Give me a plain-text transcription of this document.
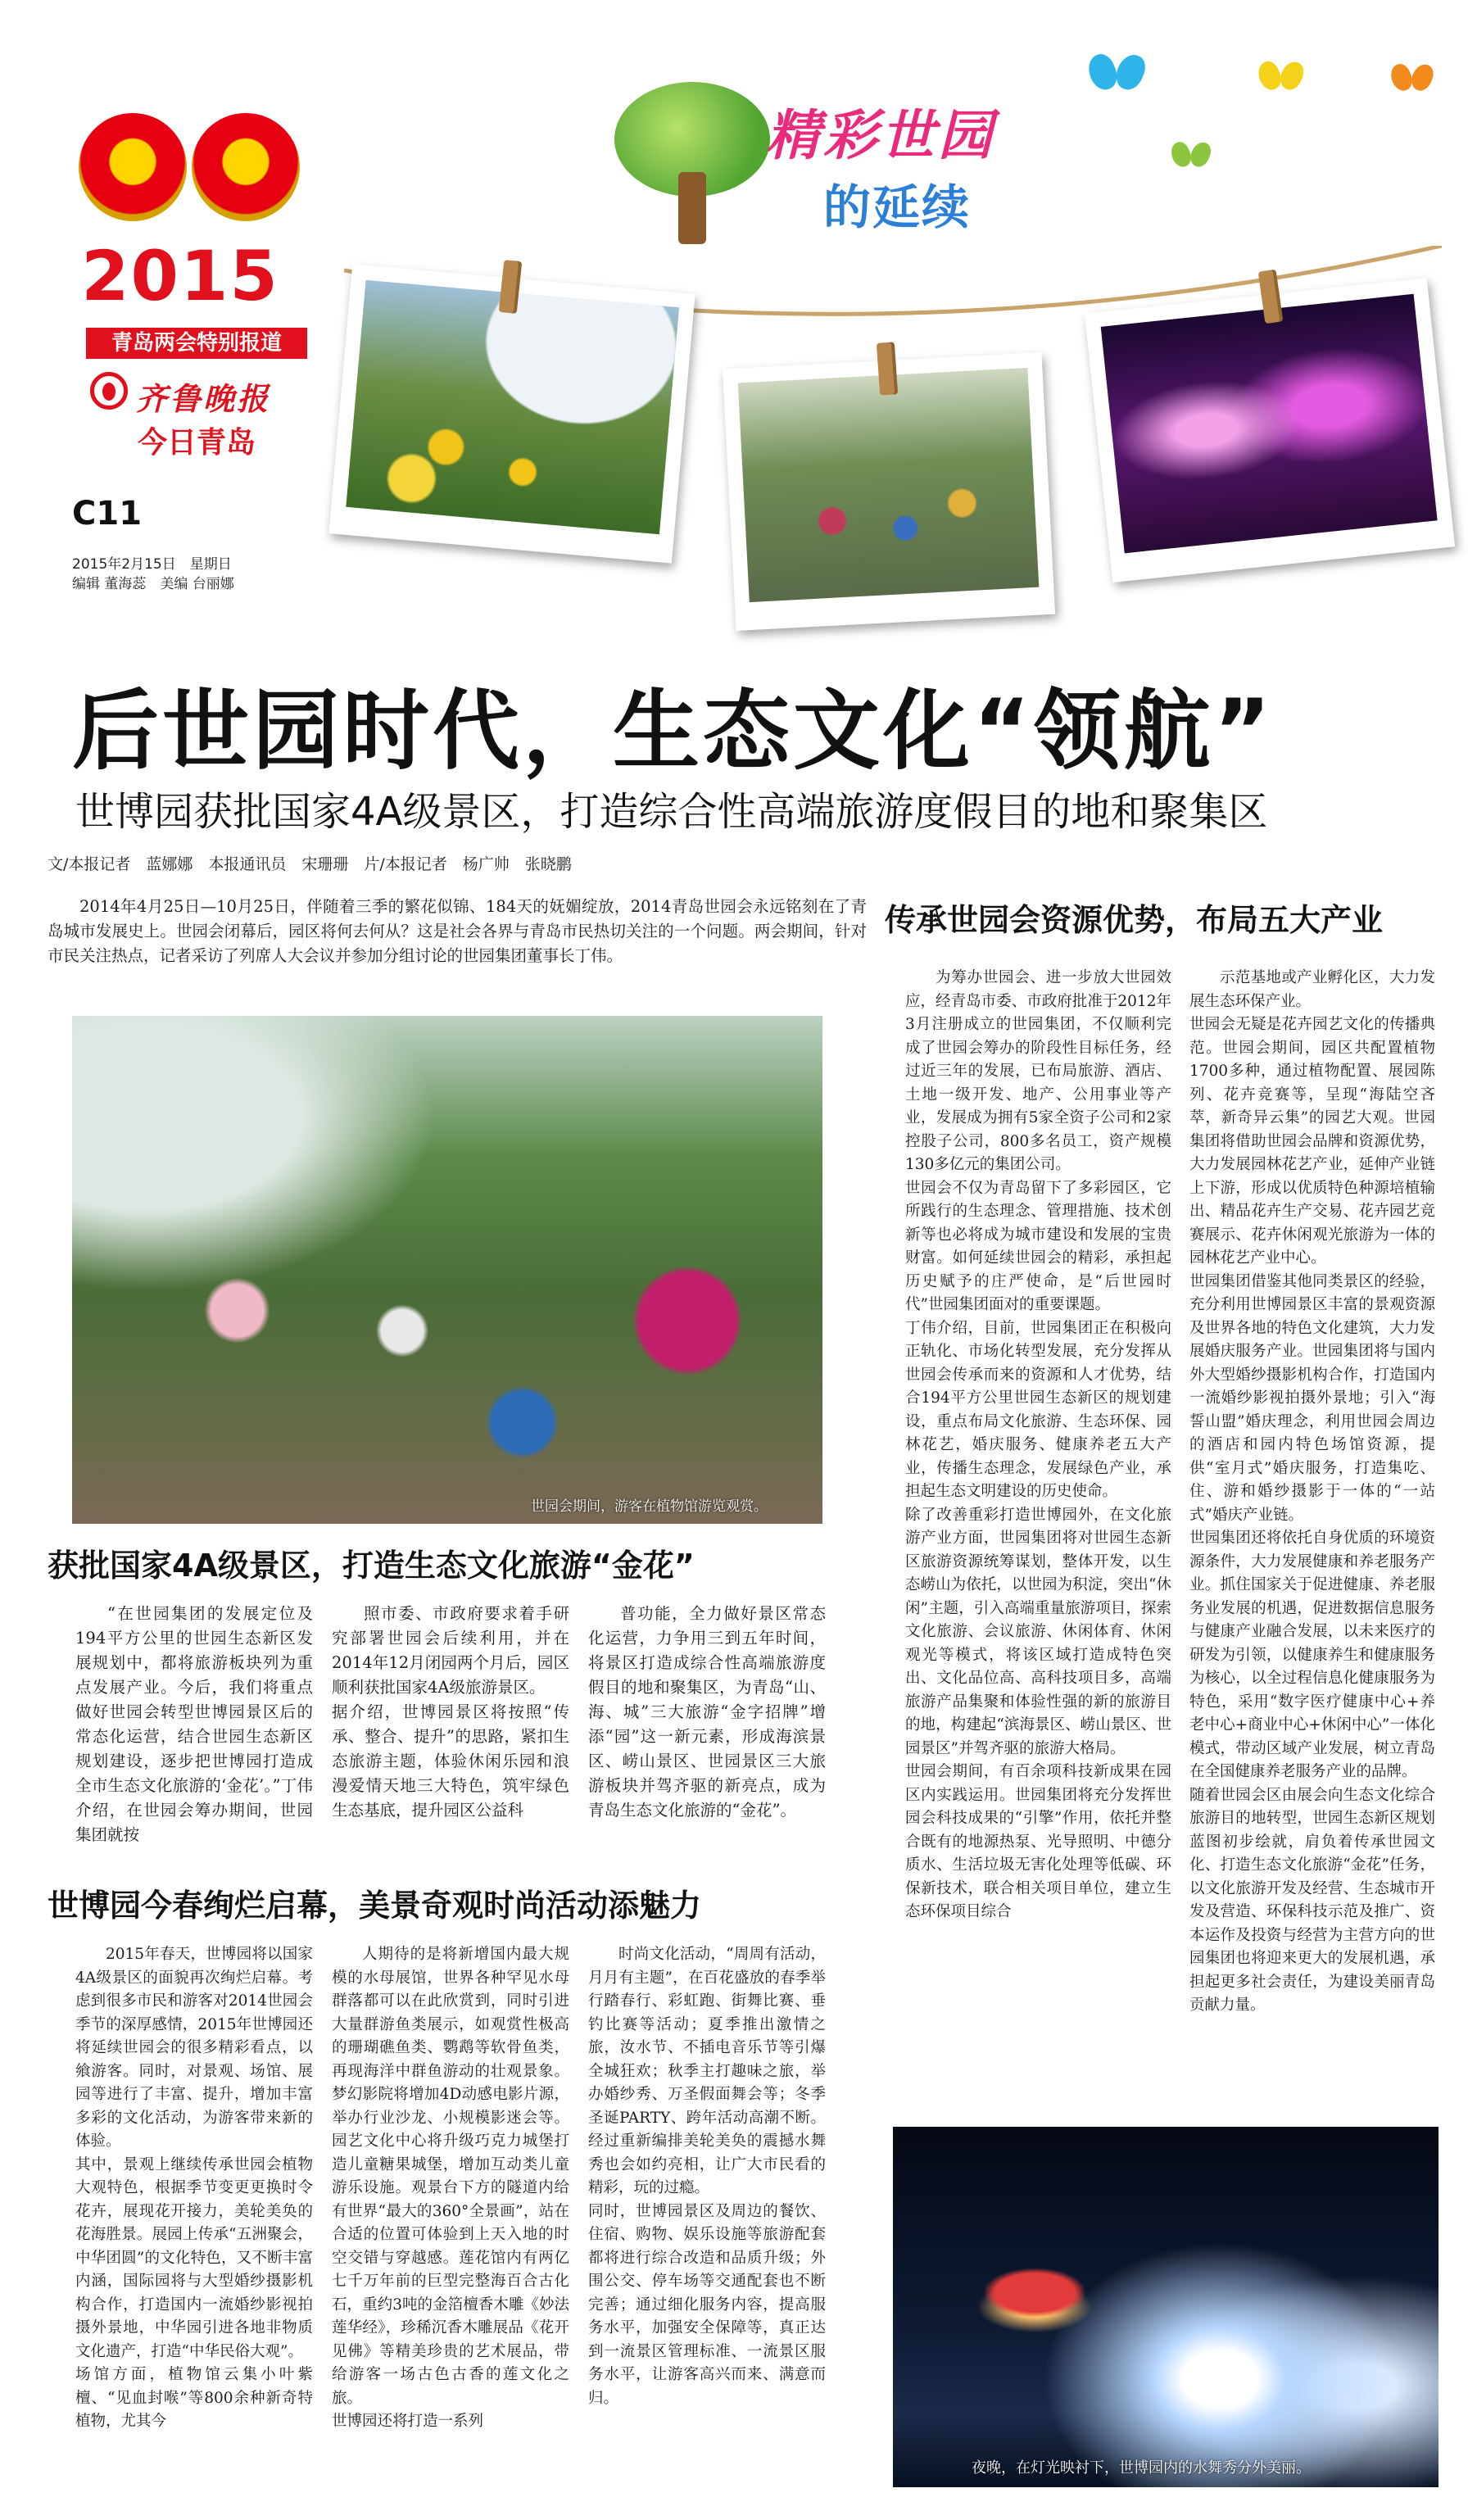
★	★
2015
青岛两会特别报道
齐鲁晚报
今日青岛
C11
2015年2月15日　星期日
编辑 董海蕊　美编 台丽娜
精彩世园
的延续
后世园时代，生态文化“领航”
世博园获批国家4A级景区，打造综合性高端旅游度假目的地和聚集区
文/本报记者　蓝娜娜　本报通讯员　宋珊珊　片/本报记者　杨广帅　张晓鹏

2014年4月25日—10月25日，伴随着三季的繁花似锦、184天的妩媚绽放，2014青岛世园会永远铭刻在了青岛城市发展史上。世园会闭幕后，园区将何去何从？这是社会各界与青岛市民热切关注的一个问题。两会期间，针对市民关注热点，记者采访了列席人大会议并参加分组讨论的世园集团董事长丁伟。

世园会期间，游客在植物馆游览观赏。
获批国家4A级景区，打造生态文化旅游“金花”

“在世园集团的发展定位及194平方公里的世园生态新区发展规划中，都将旅游板块列为重点发展产业。今后，我们将重点做好世园会转型世博园景区后的常态化运营，结合世园生态新区规划建设，逐步把世博园打造成全市生态文化旅游的‘金花’。”丁伟介绍，在世园会筹办期间，世园集团就按

照市委、市政府要求着手研究部署世园会后续利用，并在2014年12月闭园两个月后，园区顺利获批国家4A级旅游景区。
据介绍，世博园景区将按照“传承、整合、提升”的思路，紧扣生态旅游主题，体验休闲乐园和浪漫爱情天地三大特色，筑牢绿色生态基底，提升园区公益科

普功能，全力做好景区常态化运营，力争用三到五年时间，将景区打造成综合性高端旅游度假目的地和聚集区，为青岛“山、海、城”三大旅游“金字招牌”增添“园”这一新元素，形成海滨景区、崂山景区、世园景区三大旅游板块并驾齐驱的新亮点，成为青岛生态文化旅游的“金花”。

世博园今春绚烂启幕，美景奇观时尚活动添魅力

2015年春天，世博园将以国家4A级景区的面貌再次绚烂启幕。考虑到很多市民和游客对2014世园会季节的深厚感情，2015年世博园还将延续世园会的很多精彩看点，以飨游客。同时，对景观、场馆、展园等进行了丰富、提升，增加丰富多彩的文化活动，为游客带来新的体验。
其中，景观上继续传承世园会植物大观特色，根据季节变更更换时令花卉，展现花开接力，美轮美奂的花海胜景。展园上传承“五洲聚会，中华团圆”的文化特色，又不断丰富内涵，国际园将与大型婚纱摄影机构合作，打造国内一流婚纱影视拍摄外景地，中华园引进各地非物质文化遗产，打造“中华民俗大观”。
场馆方面，植物馆云集小叶紫檀、“见血封喉”等800余种新奇特植物，尤其今

人期待的是将新增国内最大规模的水母展馆，世界各种罕见水母群落都可以在此欣赏到，同时引进大量群游鱼类展示，如观赏性极高的珊瑚礁鱼类、鹦鹉等软骨鱼类，再现海洋中群鱼游动的壮观景象。梦幻影院将增加4D动感电影片源，举办行业沙龙、小规模影迷会等。园艺文化中心将升级巧克力城堡打造儿童糖果城堡，增加互动类儿童游乐设施。观景台下方的隧道内给有世界“最大的360°全景画”，站在合适的位置可体验到上天入地的时空交错与穿越感。莲花馆内有两亿七千万年前的巨型完整海百合古化石，重约3吨的金箔檀香木雕《妙法莲华经》，珍稀沉香木雕展品《花开见佛》等精美珍贵的艺术展品，带给游客一场古色古香的莲文化之旅。
世博园还将打造一系列

时尚文化活动，“周周有活动，月月有主题”，在百花盛放的春季举行踏春行、彩虹跑、街舞比赛、垂钓比赛等活动；夏季推出激情之旅，汝水节、不插电音乐节等引爆全城狂欢；秋季主打趣味之旅，举办婚纱秀、万圣假面舞会等；冬季圣诞PARTY、跨年活动高潮不断。经过重新编排美轮美奂的震撼水舞秀也会如约亮相，让广大市民看的精彩，玩的过瘾。
同时，世博园景区及周边的餐饮、住宿、购物、娱乐设施等旅游配套都将进行综合改造和品质升级；外围公交、停车场等交通配套也不断完善；通过细化服务内容，提高服务水平，加强安全保障等，真正达到一流景区管理标准、一流景区服务水平，让游客高兴而来、满意而归。

传承世园会资源优势，布局五大产业

为筹办世园会、进一步放大世园效应，经青岛市委、市政府批准于2012年3月注册成立的世园集团，不仅顺利完成了世园会筹办的阶段性目标任务，经过近三年的发展，已布局旅游、酒店、土地一级开发、地产、公用事业等产业，发展成为拥有5家全资子公司和2家控股子公司，800多名员工，资产规模130多亿元的集团公司。
世园会不仅为青岛留下了多彩园区，它所践行的生态理念、管理措施、技术创新等也必将成为城市建设和发展的宝贵财富。如何延续世园会的精彩，承担起历史赋予的庄严使命，是“后世园时代”世园集团面对的重要课题。
丁伟介绍，目前，世园集团正在积极向正轨化、市场化转型发展，充分发挥从世园会传承而来的资源和人才优势，结合194平方公里世园生态新区的规划建设，重点布局文化旅游、生态环保、园林花艺，婚庆服务、健康养老五大产业，传播生态理念，发展绿色产业，承担起生态文明建设的历史使命。
除了改善重彩打造世博园外，在文化旅游产业方面，世园集团将对世园生态新区旅游资源统筹谋划，整体开发，以生态崂山为依托，以世园为积淀，突出“休闲”主题，引入高端重量旅游项目，探索文化旅游、会议旅游、休闲体育、休闲观光等模式，将该区域打造成特色突出、文化品位高、高科技项目多，高端旅游产品集聚和体验性强的新的旅游目的地，构建起“滨海景区、崂山景区、世园景区”并驾齐驱的旅游大格局。
世园会期间，有百余项科技新成果在园区内实践运用。世园集团将充分发挥世园会科技成果的“引擎”作用，依托并整合既有的地源热泵、光导照明、中德分质水、生活垃圾无害化处理等低碳、环保新技术，联合相关项目单位，建立生态环保项目综合

示范基地或产业孵化区，大力发展生态环保产业。
世园会无疑是花卉园艺文化的传播典范。世园会期间，园区共配置植物1700多种，通过植物配置、展园陈列、花卉竞赛等，呈现“海陆空吝萃，新奇异云集”的园艺大观。世园集团将借助世园会品牌和资源优势，大力发展园林花艺产业，延伸产业链上下游，形成以优质特色种源培植输出、精品花卉生产交易、花卉园艺竞赛展示、花卉休闲观光旅游为一体的园林花艺产业中心。
世园集团借鉴其他同类景区的经验，充分利用世博园景区丰富的景观资源及世界各地的特色文化建筑，大力发展婚庆服务产业。世园集团将与国内外大型婚纱摄影机构合作，打造国内一流婚纱影视拍摄外景地；引入“海誓山盟”婚庆理念，利用世园会周边的酒店和园内特色场馆资源，提供“室月式”婚庆服务，打造集吃、住、游和婚纱摄影于一体的“一站式”婚庆产业链。
世园集团还将依托自身优质的环境资源条件，大力发展健康和养老服务产业。抓住国家关于促进健康、养老服务业发展的机遇，促进数据信息服务与健康产业融合发展，以未来医疗的研发为引领，以健康养生和健康服务为核心，以全过程信息化健康服务为特色，采用“数字医疗健康中心+养老中心+商业中心+休闲中心”一体化模式，带动区域产业发展，树立青岛在全国健康养老服务产业的品牌。
随着世园会区由展会向生态文化综合旅游目的地转型，世园生态新区规划蓝图初步绘就，肩负着传承世园文化、打造生态文化旅游“金花”任务，以文化旅游开发及经营、生态城市开发及营造、环保科技示范及推广、资本运作及投资与经营为主营方向的世园集团也将迎来更大的发展机遇，承担起更多社会责任，为建设美丽青岛贡献力量。

夜晚，在灯光映衬下，世博园内的水舞秀分外美丽。
